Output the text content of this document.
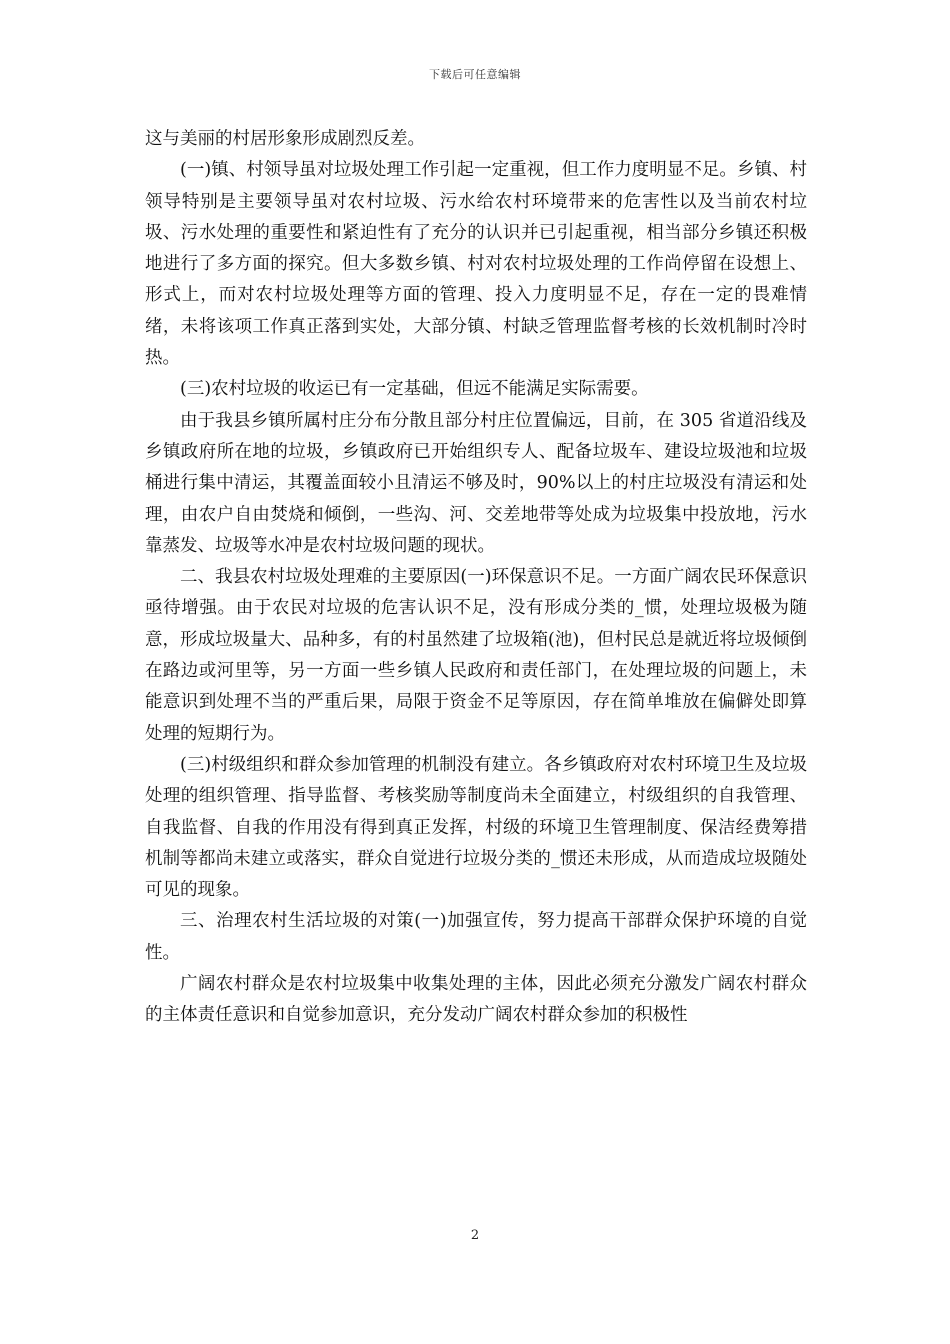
下载后可任意编辑

这与美丽的村居形象形成剧烈反差。

(一)镇、村领导虽对垃圾处理工作引起一定重视，但工作力度明显不足。乡镇、村领导特别是主要领导虽对农村垃圾、污水给农村环境带来的危害性以及当前农村垃圾、污水处理的重要性和紧迫性有了充分的认识并已引起重视，相当部分乡镇还积极地进行了多方面的探究。但大多数乡镇、村对农村垃圾处理的工作尚停留在设想上、形式上，而对农村垃圾处理等方面的管理、投入力度明显不足，存在一定的畏难情绪，未将该项工作真正落到实处，大部分镇、村缺乏管理监督考核的长效机制时冷时热。

(三)农村垃圾的收运已有一定基础，但远不能满足实际需要。

由于我县乡镇所属村庄分布分散且部分村庄位置偏远，目前，在 305 省道沿线及乡镇政府所在地的垃圾，乡镇政府已开始组织专人、配备垃圾车、建设垃圾池和垃圾桶进行集中清运，其覆盖面较小且清运不够及时，90%以上的村庄垃圾没有清运和处理，由农户自由焚烧和倾倒，一些沟、河、交差地带等处成为垃圾集中投放地，污水靠蒸发、垃圾等水冲是农村垃圾问题的现状。

二、我县农村垃圾处理难的主要原因(一)环保意识不足。一方面广阔农民环保意识亟待增强。由于农民对垃圾的危害认识不足，没有形成分类的_惯，处理垃圾极为随意，形成垃圾量大、品种多，有的村虽然建了垃圾箱(池)，但村民总是就近将垃圾倾倒在路边或河里等，另一方面一些乡镇人民政府和责任部门，在处理垃圾的问题上，未能意识到处理不当的严重后果，局限于资金不足等原因，存在简单堆放在偏僻处即算处理的短期行为。

(三)村级组织和群众参加管理的机制没有建立。各乡镇政府对农村环境卫生及垃圾处理的组织管理、指导监督、考核奖励等制度尚未全面建立，村级组织的自我管理、自我监督、自我的作用没有得到真正发挥，村级的环境卫生管理制度、保洁经费筹措机制等都尚未建立或落实，群众自觉进行垃圾分类的_惯还未形成，从而造成垃圾随处可见的现象。

三、治理农村生活垃圾的对策(一)加强宣传，努力提高干部群众保护环境的自觉性。

广阔农村群众是农村垃圾集中收集处理的主体，因此必须充分激发广阔农村群众的主体责任意识和自觉参加意识，充分发动广阔农村群众参加的积极性

2
